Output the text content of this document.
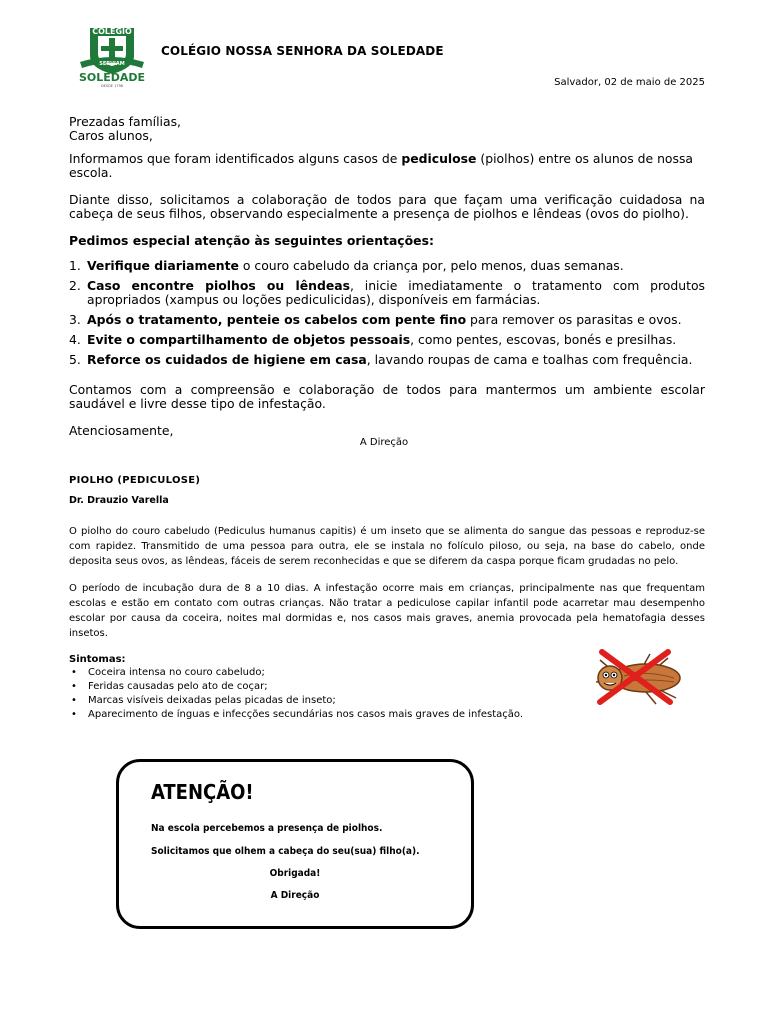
COLÉGIO
SERVIAM
SOLEDADE
DESDE 1798
COLÉGIO NOSSA SENHORA DA SOLEDADE
Salvador, 02 de maio de 2025

Prezadas famílias,

Caros alunos,

Informamos que foram identificados alguns casos de pediculose (piolhos) entre os alunos de nossa escola.

Diante disso, solicitamos a colaboração de todos para que façam uma verificação cuidadosa na cabeça de seus filhos, observando especialmente a presença de piolhos e lêndeas (ovos do piolho).

Pedimos especial atenção às seguintes orientações:

1. Verifique diariamente o couro cabeludo da criança por, pelo menos, duas semanas.
2. Caso encontre piolhos ou lêndeas, inicie imediatamente o tratamento com produtos apropriados (xampus ou loções pediculicidas), disponíveis em farmácias.
3. Após o tratamento, penteie os cabelos com pente fino para remover os parasitas e ovos.
4. Evite o compartilhamento de objetos pessoais, como pentes, escovas, bonés e presilhas.
5. Reforce os cuidados de higiene em casa, lavando roupas de cama e toalhas com frequência.

Contamos com a compreensão e colaboração de todos para mantermos um ambiente escolar saudável e livre desse tipo de infestação.

Atenciosamente,

A Direção

PIOLHO (PEDICULOSE)

Dr. Drauzio Varella

O piolho do couro cabeludo (Pediculus humanus capitis) é um inseto que se alimenta do sangue das pessoas e reproduz-se com rapidez. Transmitido de uma pessoa para outra, ele se instala no folículo piloso, ou seja, na base do cabelo, onde deposita seus ovos, as lêndeas, fáceis de serem reconhecidas e que se diferem da caspa porque ficam grudadas no pelo.

O período de incubação dura de 8 a 10 dias. A infestação ocorre mais em crianças, principalmente nas que frequentam escolas e estão em contato com outras crianças. Não tratar a pediculose capilar infantil pode acarretar mau desempenho escolar por causa da coceira, noites mal dormidas e, nos casos mais graves, anemia provocada pela hematofagia desses insetos.

Sintomas:

• Coceira intensa no couro cabeludo;
• Feridas causadas pelo ato de coçar;
• Marcas visíveis deixadas pelas picadas de inseto;
• Aparecimento de ínguas e infecções secundárias nos casos mais graves de infestação.
ATENÇÃO!
Na escola percebemos a presença de piolhos.
Solicitamos que olhem a cabeça do seu(sua) filho(a).
Obrigada!
A Direção
